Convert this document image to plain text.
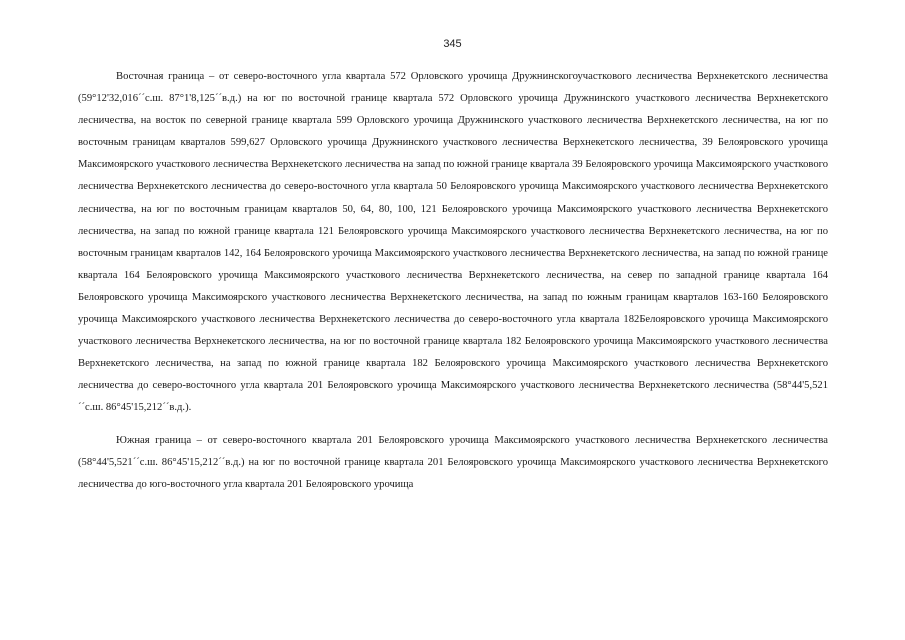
345

Восточная граница – от северо-восточного угла квартала 572 Орловского урочища Дружнинскогоучасткового лесничества Верхнекетского лесничества (59°12'32,016´´с.ш. 87°1'8,125´´в.д.) на юг по восточной границе квартала 572 Орловского урочища Дружнинского участкового лесничества Верхнекетского лесничества, на восток по северной границе квартала 599 Орловского урочища Дружнинского участкового лесничества Верхнекетского лесничества, на юг по восточным границам кварталов 599,627 Орловского урочища Дружнинского участкового лесничества Верхнекетского лесничества, 39 Белояровского урочища Максимоярского участкового лесничества Верхнекетского лесничества на запад по южной границе квартала 39 Белояровского урочища Максимоярского участкового лесничества Верхнекетского лесничества до северо-восточного угла квартала 50 Белояровского урочища Максимоярского участкового лесничества Верхнекетского лесничества, на юг по восточным границам кварталов 50, 64, 80, 100, 121 Белояровского урочища Максимоярского участкового лесничества Верхнекетского лесничества, на запад по южной границе квартала 121 Белояровского урочища Максимоярского участкового лесничества Верхнекетского лесничества, на юг по восточным границам кварталов 142, 164 Белояровского урочища Максимоярского участкового лесничества Верхнекетского лесничества, на запад по южной границе квартала 164 Белояровского урочища Максимоярского участкового лесничества Верхнекетского лесничества, на север по западной границе квартала 164 Белояровского урочища Максимоярского участкового лесничества Верхнекетского лесничества, на запад по южным границам кварталов 163-160 Белояровского урочища Максимоярского участкового лесничества Верхнекетского лесничества до северо-восточного угла квартала 182Белояровского урочища Максимоярского участкового лесничества Верхнекетского лесничества, на юг по восточной границе квартала 182 Белояровского урочища Максимоярского участкового лесничества Верхнекетского лесничества, на запад по южной границе квартала 182 Белояровского урочища Максимоярского участкового лесничества Верхнекетского лесничества до северо-восточного угла квартала 201 Белояровского урочища Максимоярского участкового лесничества Верхнекетского лесничества (58°44'5,521´´с.ш. 86°45'15,212´´в.д.).

Южная граница – от северо-восточного квартала 201 Белояровского урочища Максимоярского участкового лесничества Верхнекетского лесничества (58°44'5,521´´с.ш. 86°45'15,212´´в.д.) на юг по восточной границе квартала 201 Белояровского урочища Максимоярского участкового лесничества Верхнекетского лесничества до юго-восточного угла квартала 201 Белояровского урочища
